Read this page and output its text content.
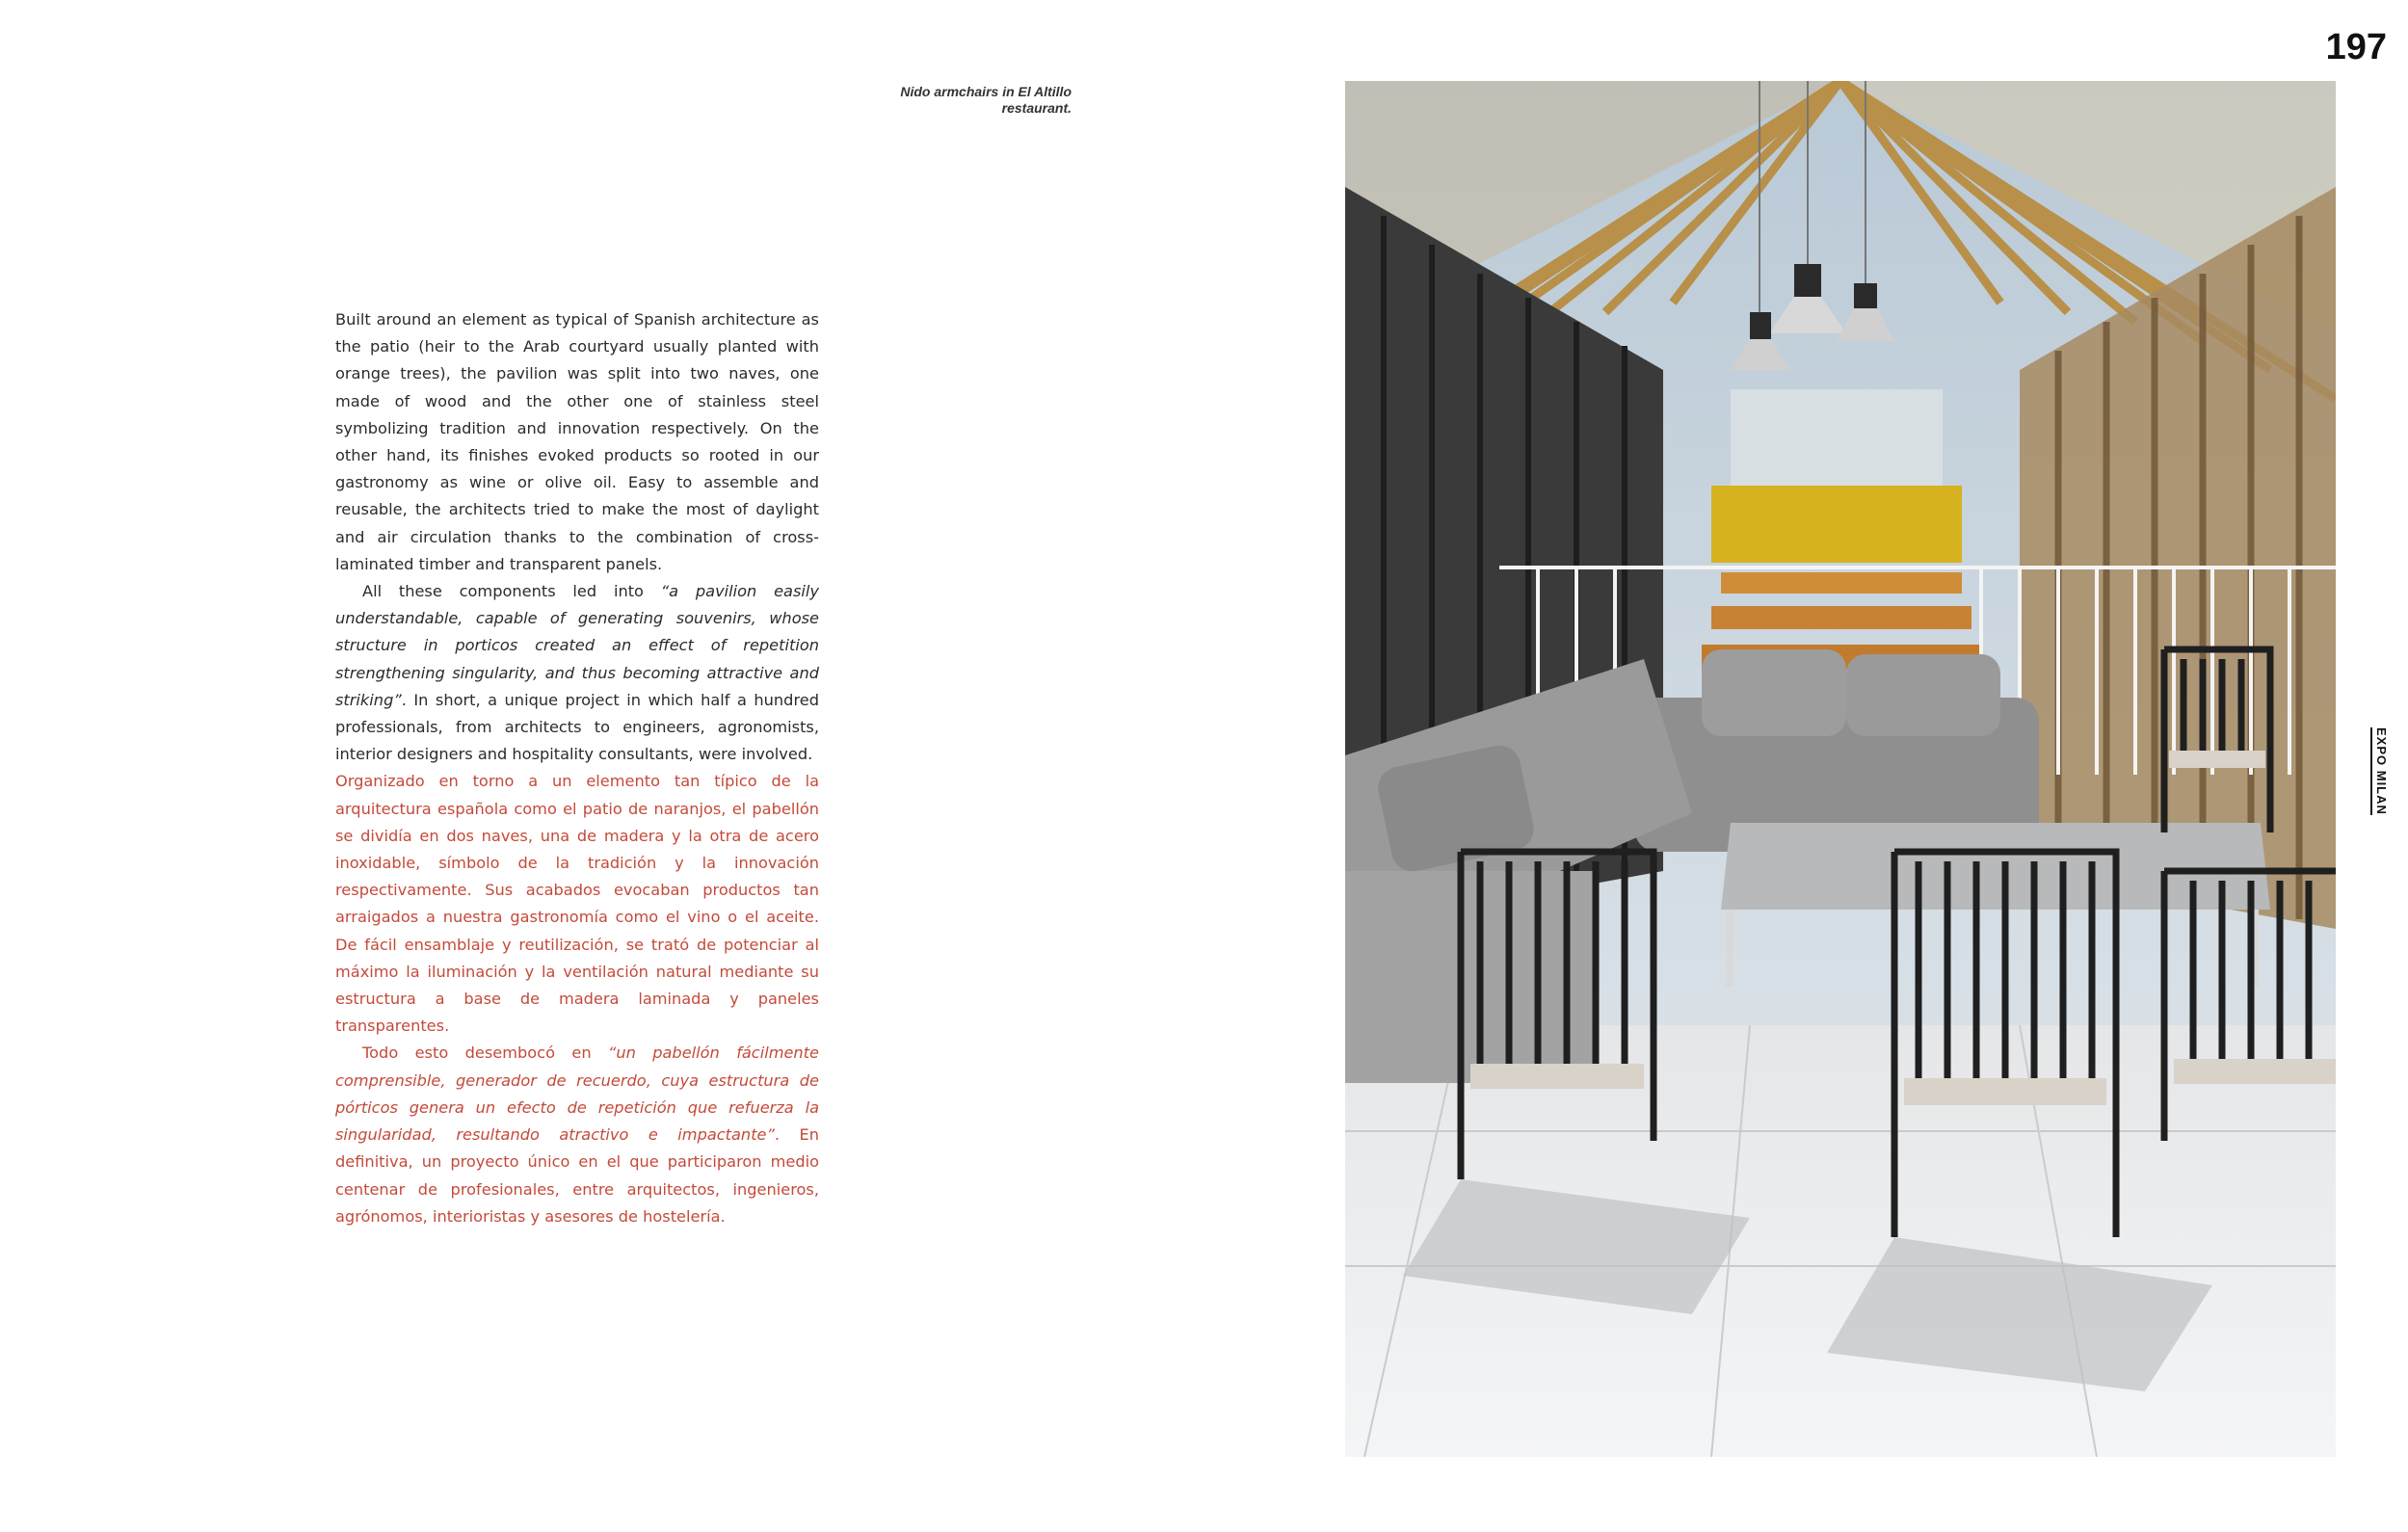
197
Nido armchairs in El Altillo
restaurant.

Built around an element as typical of Spanish architecture as the patio (heir to the Arab courtyard usually planted with orange trees), the pavilion was split into two naves, one made of wood and the other one of stainless steel symbolizing tradition and innovation respectively. On the other hand, its finishes evoked products so rooted in our gastronomy as wine or olive oil. Easy to assemble and reusable, the architects tried to make the most of daylight and air circulation thanks to the combination of cross-laminated timber and transparent panels.

All these components led into “a pavilion easily understandable, capable of generating souvenirs, whose structure in porticos created an effect of repetition strengthening singularity, and thus becoming attractive and striking”. In short, a unique project in which half a hundred professionals, from architects to engineers, agronomists, interior designers and hospitality consultants, were involved.

Organizado en torno a un elemento tan típico de la arquitectura española como el patio de naranjos, el pabellón se dividía en dos naves, una de madera y la otra de acero inoxidable, símbolo de la tradición y la innovación respectivamente. Sus acabados evocaban productos tan arraigados a nuestra gastronomía como el vino o el aceite. De fácil ensamblaje y reutilización, se trató de potenciar al máximo la iluminación y la ventilación natural mediante su estructura a base de madera laminada y paneles transparentes.

Todo esto desembocó en “un pabellón fácilmente comprensible, generador de recuerdo, cuya estructura de pórticos genera un efecto de repetición que refuerza la singularidad, resultando atractivo e impactante”. En definitiva, un proyecto único en el que participaron medio centenar de profesionales, entre arquitectos, ingenieros, agrónomos, interioristas y asesores de hostelería.

EXPO MILAN
